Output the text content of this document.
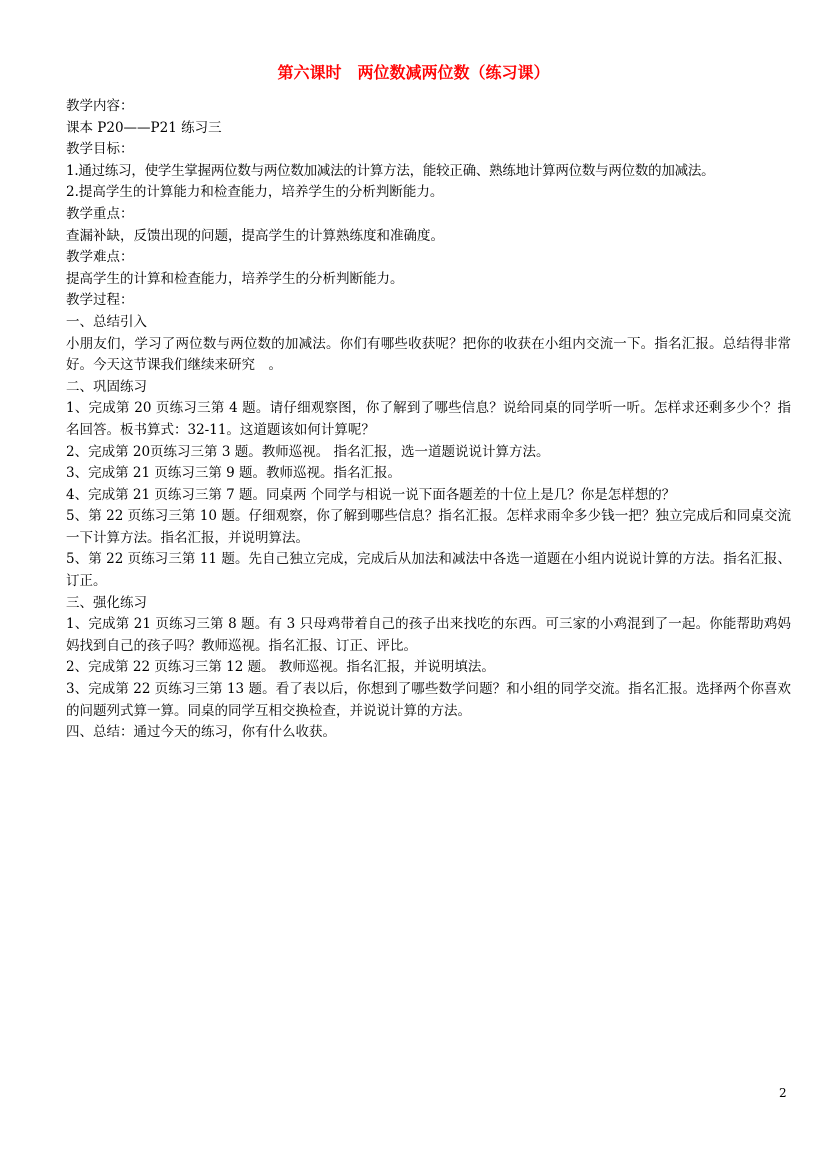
第六课时　两位数减两位数（练习课）

教学内容：

课本 P20——P21 练习三

教学目标：

1.通过练习，使学生掌握两位数与两位数加减法的计算方法，能较正确、熟练地计算两位数与两位数的加减法。

2.提高学生的计算能力和检查能力，培养学生的分析判断能力。

教学重点：

查漏补缺，反馈出现的问题，提高学生的计算熟练度和准确度。

教学难点：

提高学生的计算和检查能力，培养学生的分析判断能力。

教学过程：

一、总结引入

小朋友们，学习了两位数与两位数的加减法。你们有哪些收获呢？把你的收获在小组内交流一下。指名汇报。总结得非常好。今天这节课我们继续来研究　。

二、巩固练习

1、完成第 20 页练习三第 4 题。请仔细观察图，你了解到了哪些信息？说给同桌的同学听一听。怎样求还剩多少个？指名回答。板书算式：32-11。这道题该如何计算呢？

2、完成第 20页练习三第 3 题。教师巡视。 指名汇报，选一道题说说计算方法。

3、完成第 21 页练习三第 9 题。教师巡视。指名汇报。

4、完成第 21 页练习三第 7 题。同桌两 个同学与相说一说下面各题差的十位上是几？你是怎样想的？

5、第 22 页练习三第 10 题。仔细观察，你了解到哪些信息？指名汇报。怎样求雨伞多少钱一把？独立完成后和同桌交流一下计算方法。指名汇报，并说明算法。

5、第 22 页练习三第 11 题。先自己独立完成，完成后从加法和减法中各选一道题在小组内说说计算的方法。指名汇报、订正。

三、强化练习

1、完成第 21 页练习三第 8 题。有 3 只母鸡带着自己的孩子出来找吃的东西。可三家的小鸡混到了一起。你能帮助鸡妈妈找到自己的孩子吗？教师巡视。指名汇报、订正、评比。

2、完成第 22 页练习三第 12 题。 教师巡视。指名汇报，并说明填法。

3、完成第 22 页练习三第 13 题。看了表以后，你想到了哪些数学问题？和小组的同学交流。指名汇报。选择两个你喜欢的问题列式算一算。同桌的同学互相交换检查，并说说计算的方法。

四、总结：通过今天的练习，你有什么收获。

2
